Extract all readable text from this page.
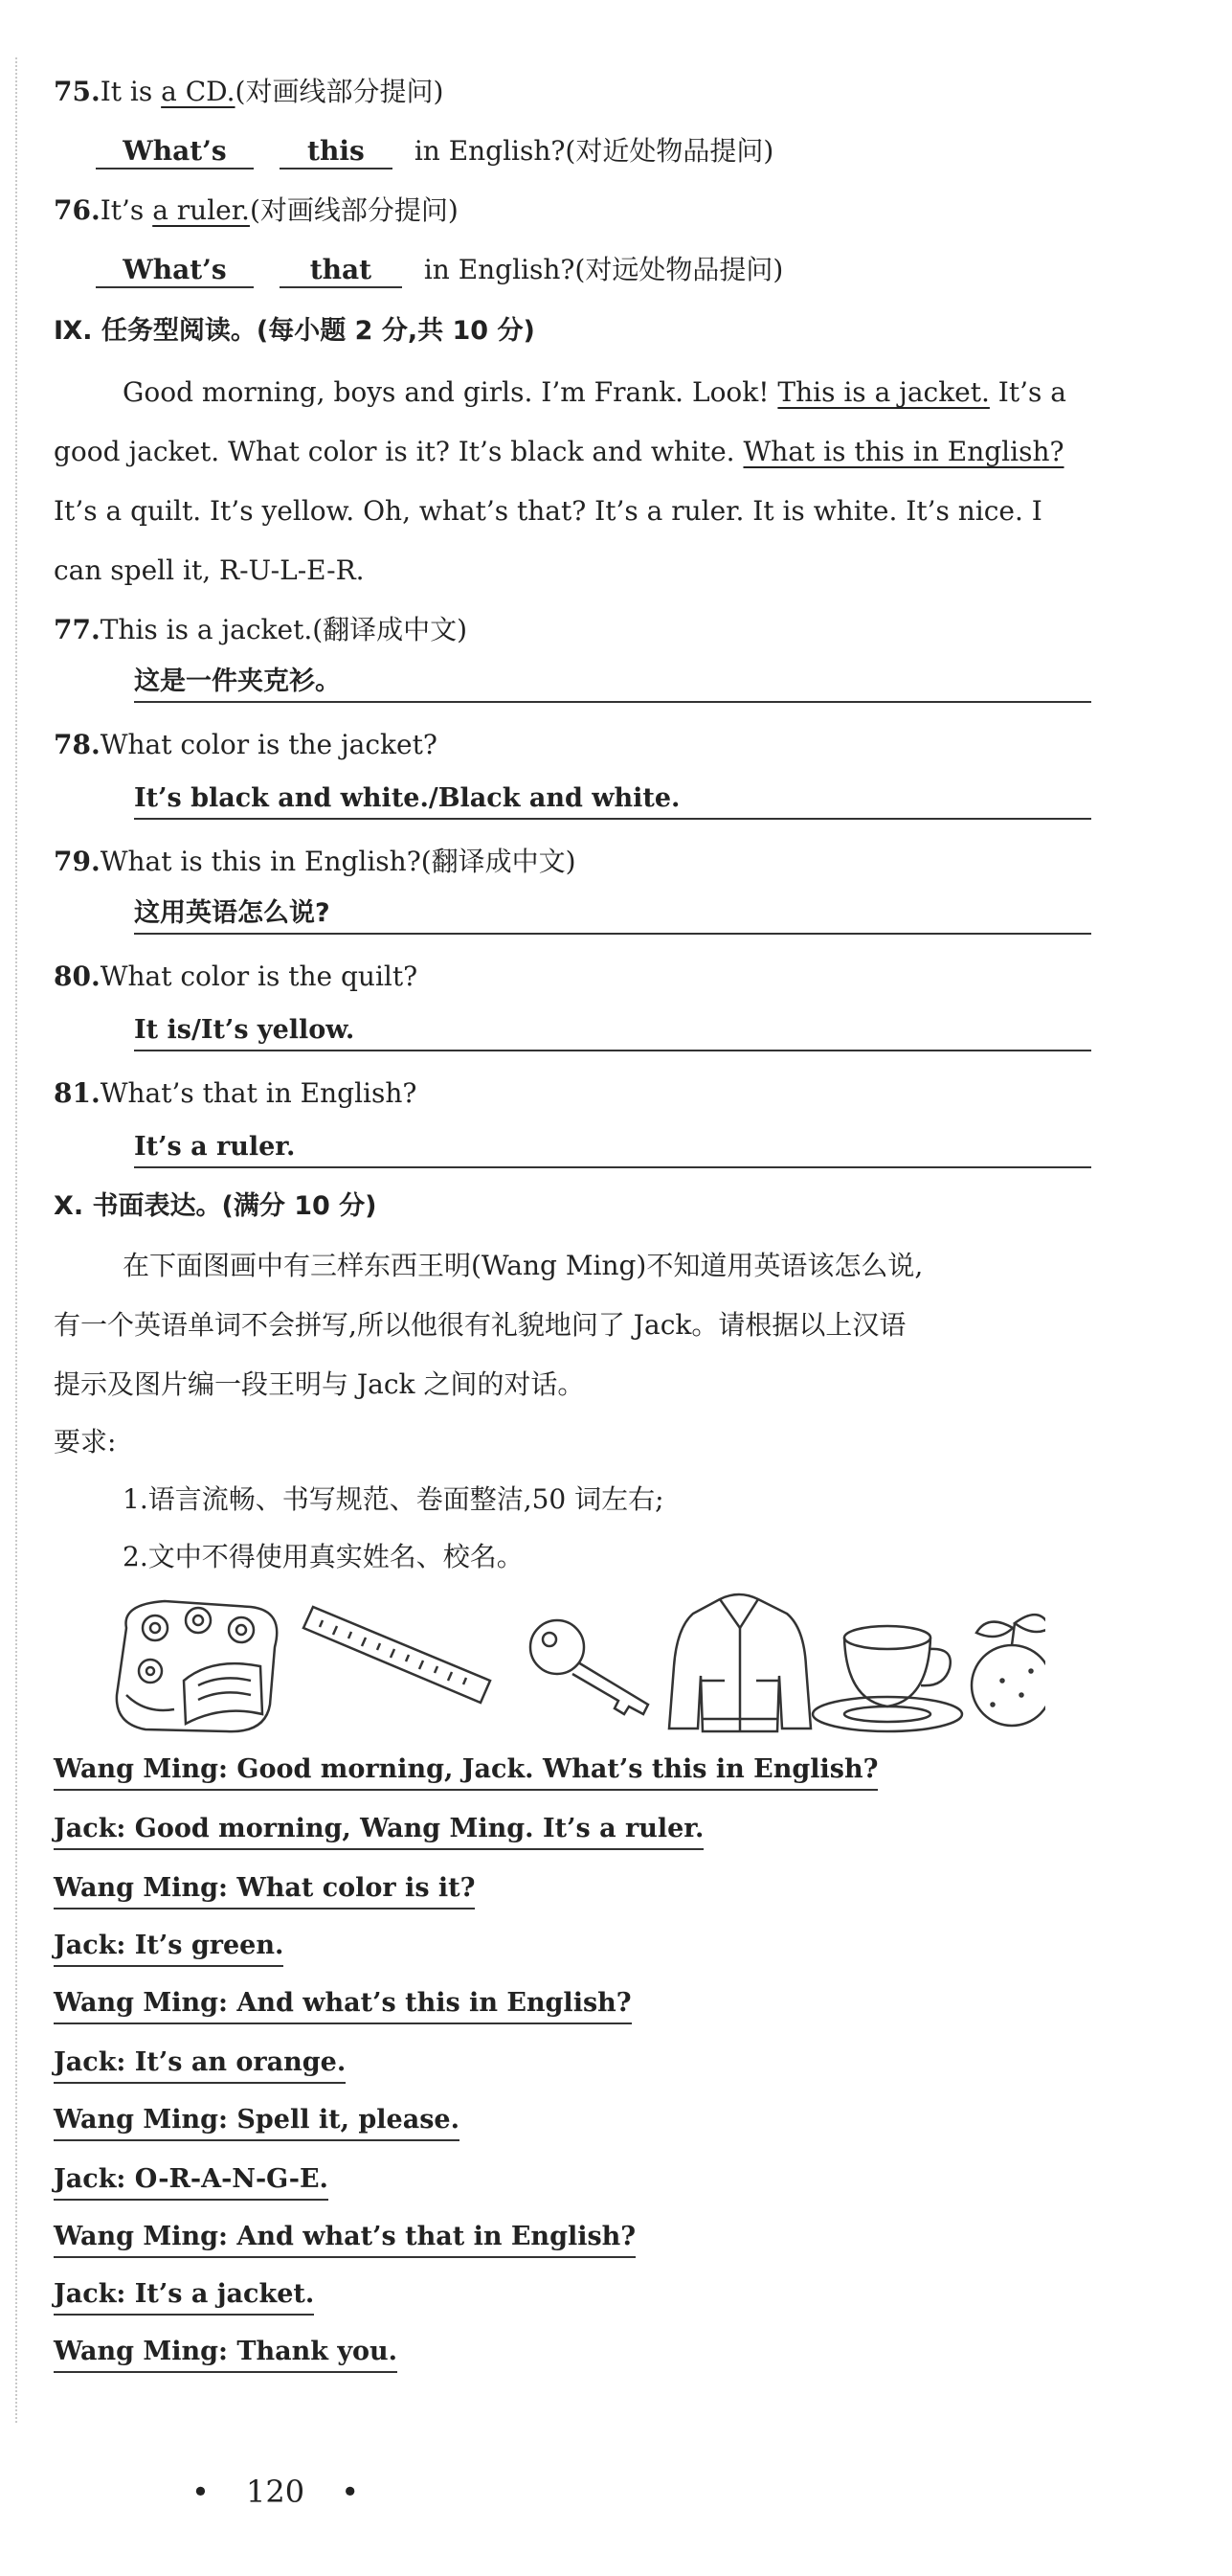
75.It is a CD.(对画线部分提问)
What’s	this in English?(对近处物品提问)
76.It’s a ruler.(对画线部分提问)
What’s	that in English?(对远处物品提问)
Ⅸ. 任务型阅读。(每小题 2 分,共 10 分)
Good morning, boys and girls. I’m Frank. Look! This is a jacket. It’s a
good jacket. What color is it? It’s black and white. What is this in English?
It’s a quilt. It’s yellow. Oh, what’s that? It’s a ruler. It is white. It’s nice. I
can spell it, R-U-L-E-R.
77.This is a jacket.(翻译成中文)
这是一件夹克衫。
78.What color is the jacket?
It’s black and white./Black and white.
79.What is this in English?(翻译成中文)
这用英语怎么说?
80.What color is the quilt?
It is/It’s yellow.
81.What’s that in English?
It’s a ruler.
Ⅹ. 书面表达。(满分 10 分)
在下面图画中有三样东西王明(Wang Ming)不知道用英语该怎么说,
有一个英语单词不会拼写,所以他很有礼貌地问了 Jack。请根据以上汉语
提示及图片编一段王明与 Jack 之间的对话。
要求:
1.语言流畅、书写规范、卷面整洁,50 词左右;
2.文中不得使用真实姓名、校名。
Wang Ming: Good morning, Jack. What’s this in English?
Jack: Good morning, Wang Ming. It’s a ruler.
Wang Ming: What color is it?
Jack: It’s green.
Wang Ming: And what’s this in English?
Jack: It’s an orange.
Wang Ming: Spell it, please.
Jack: O-R-A-N-G-E.
Wang Ming: And what’s that in English?
Jack: It’s a jacket.
Wang Ming: Thank you.
• 120 •
